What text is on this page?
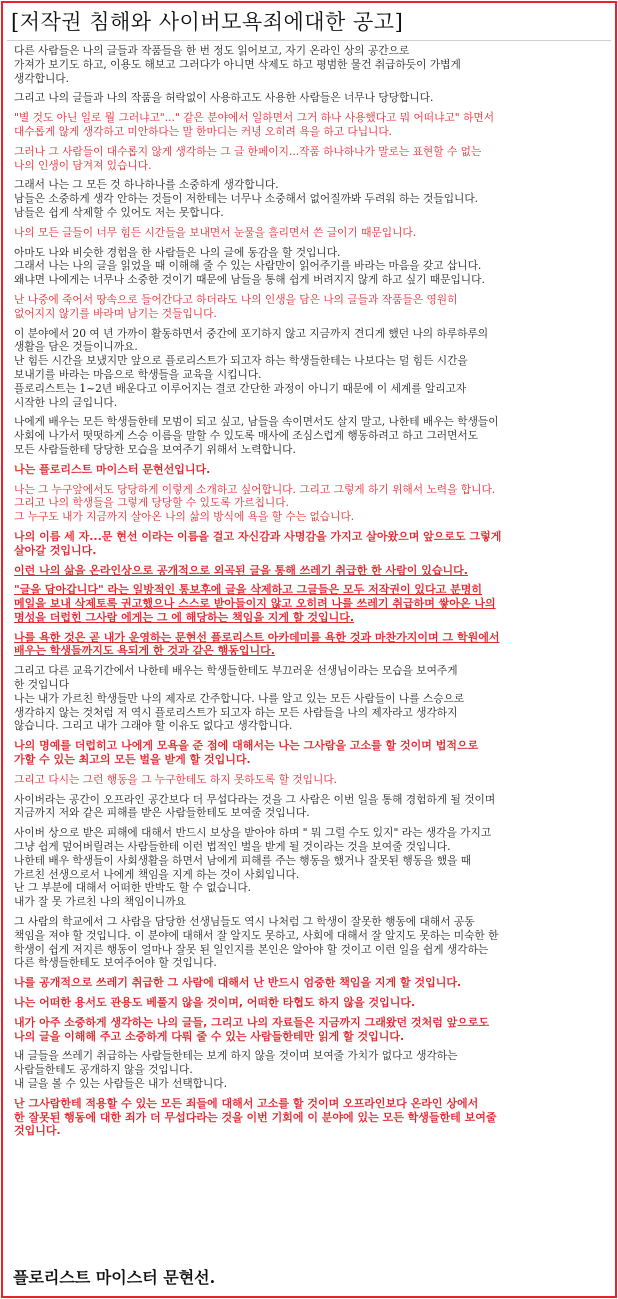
[저작권 침해와 사이버모욕죄에대한 공고]

다른 사람들은 나의 글들과 작품들을 한 번 정도 읽어보고, 자기 온라인 상의 공간으로
가져가 보기도 하고, 이용도 해보고 그러다가 아니면 삭제도 하고 평범한 물건 취급하듯이 가볍게
생각합니다.

그리고 나의 글들과 나의 작품을 허락없이 사용하고도 사용한 사람들은 너무나 당당합니다.

"별 것도 아닌 일로 뭘 그러냐고"..." 같은 분야에서 일하면서 그거 하나 사용했다고 뭐 어떠냐고" 하면서
대수롭게 않게 생각하고 미안하다는 말 한마디는 커녕 오히려 욕을 하고 다닙니다.

그러나 그 사람들이 대수롭지 않게 생각하는 그 글 한페이지...작품 하나하나가 말로는 표현할 수 없는
나의 인생이 담겨져 있습니다.

그래서 나는 그 모든 것 하나하나를 소중하게 생각합니다.
남들은 소중하게 생각 안하는 것들이 저한테는 너무나 소중해서 없어질까봐 두려워 하는 것들입니다.
남들은 쉽게 삭제할 수 있어도 저는 못합니다.

나의 모든 글들이 너무 힘든 시간들을 보내면서 눈물을 흘리면서 쓴 글이기 때문입니다.

아마도 나와 비슷한 경험을 한 사람들은 나의 글에 동감을 할 것입니다.
그래서 나는 나의 글을 읽었을 때 이해해 줄 수 있는 사람만이 읽어주기를 바라는 마음을 갖고 삽니다.
왜냐면 나에게는 너무나 소중한 것이기 때문에 남들을 통해 쉽게 버려지지 않게 하고 싶기 때문입니다.

난 나중에 죽어서 땅속으로 들어간다고 하더라도 나의 인생을 담은 나의 글들과 작품들은 영원히
없어지지 않기를 바라며 남기는 것들입니다.

이 분야에서 20 여 년 가까이 활동하면서 중간에 포기하지 않고 지금까지 견디게 했던 나의 하루하루의
생활을 담은 것들이니까요.
난 힘든 시간을 보냈지만 앞으로 플로리스트가 되고자 하는 학생들한테는 나보다는 덜 힘든 시간을
보내기를 바라는 마음으로 학생들을 교육을 시킵니다.
플로리스트는 1~2년 배운다고 이루어지는 결코 간단한 과정이 아니기 때문에 이 세계를 알리고자
시작한 나의 글입니다.

나에게 배우는 모든 학생들한테 모범이 되고 싶고, 남들을 속이면서도 살지 말고, 나한테 배우는 학생들이
사회에 나가서 떳떳하게 스승 이름을 말할 수 있도록 매사에 조심스럽게 행동하려고 하고 그러면서도
모든 사람들한테 당당한 모습을 보여주기 위해서 노력합니다.

나는 플로리스트 마이스터 문현선입니다.

나는 그 누구앞에서도 당당하게 이렇게 소개하고 싶어합니다. 그리고 그렇게 하기 위해서 노력을 합니다.
그리고 나의 학생들을 그렇게 당당할 수 있도록 가르칩니다.
그 누구도 내가 지금까지 살아온 나의 삶의 방식에 욕을 할 수는 없습니다.

나의 이름 세 자...문 현선 이라는 이름을 걸고 자신감과 사명감을 가지고 살아왔으며 앞으로도 그렇게
살아갈 것입니다.

이런 나의 삶을 온라인상으로 공개적으로 외곡된 글을 통해 쓰레기 취급한 한 사람이 있습니다.

"글을 담아갑니다" 라는 일방적인 통보후에 글을 삭제하고 그글들은 모두 저작권이 있다고 분명히
메일을 보내 삭제토록 권고했으나 스스로 받아들이지 않고 오히려 나를 쓰레기 취급하며 쌓아온 나의
명성을 더럽힌 그사람 에게는 그 에 해당하는 책임을 지게 할 것입니다.

나를 욕한 것은 곧 내가 운영하는 문현선 플로리스트 아카데미를 욕한 것과 마찬가지이며 그 학원에서
배우는 학생들까지도 욕되게 한 것과 같은 행동입니다.

그리고 다른 교육기간에서 나한테 배우는 학생들한테도 부끄러운 선생님이라는 모습을 보여주게
한 것입니다
나는 내가 가르친 학생들만 나의 제자로 간주합니다. 나를 알고 있는 모든 사람들이 나를 스승으로
생각하지 않는 것처럼 저 역시 플로리스트가 되고자 하는 모든 사람들을 나의 제자라고 생각하지
않습니다. 그리고 내가 그래야 할 이유도 없다고 생각합니다.

나의 명예를 더럽히고 나에게 모욕을 준 점에 대해서는 나는 그사람을 고소를 할 것이며 법적으로
가할 수 있는 최고의 모든 벌을 받게 할 것입니다.

그리고 다시는 그런 행동을 그 누구한테도 하지 못하도록 할 것입니다.

사이버라는 공간이 오프라인 공간보다 더 무섭다라는 것을 그 사람은 이번 일을 통해 경험하게 될 것이며
지금까지 저와 같은 피해를 받은 사람들한테도 보여줄 것입니다.

사이버 상으로 받은 피해에 대해서 반드시 보상을 받아야 하며 " 뭐 그럴 수도 있지" 라는 생각을 가지고
그냥 쉽게 덮어버릴려는 사람들한테 이런 법적인 벌을 받게 될 것이라는 것을 보여줄 것입니다.
나한테 배우 학생들이 사회생활을 하면서 남에게 피해를 주는 행동을 했거나 잘못된 행동을 했을 때
가르친 선생으로서 나에게 책임을 지게 하는 것이 사회입니다.
난 그 부분에 대해서 어떠한 반박도 할 수 없습니다.
내가 잘 못 가르친 나의 책임이니까요

그 사람의 학교에서 그 사람을 담당한 선생님들도 역시 나처럼 그 학생이 잘못한 행동에 대해서 공동
책임을 져야 할 것입니다. 이 분야에 대해서 잘 알지도 못하고, 사회에 대해서 잘 알지도 못하는 미숙한 한
학생이 쉽게 저지른 행동이 얼마나 잘못 된 일인지를 본인은 알아야 할 것이고 이런 일을 쉽게 생각하는
다른 학생들한테도 보여주어야 할 것입니다.

나를 공개적으로 쓰레기 취급한 그 사람에 대해서 난 반드시 엄중한 책임을 지게 할 것입니다.

나는 어떠한 용서도 관용도 베풀지 않을 것이며, 어떠한 타협도 하지 않을 것입니다.

내가 아주 소중하게 생각하는 나의 글들, 그리고 나의 자료들은 지금까지 그래왔던 것처럼 앞으로도
나의 글을 이해해 주고 소중하게 다뤄 줄 수 있는 사람들한테만 읽게 할 것입니다.

내 글들을 쓰레기 취급하는 사람들한테는 보게 하지 않을 것이며 보여줄 가치가 없다고 생각하는
사람들한테도 공개하지 않을 것입니다.
내 글을 볼 수 있는 사람들은 내가 선택합니다.

난 그사람한테 적용할 수 있는 모든 죄들에 대해서 고소를 할 것이며 오프라인보다 온라인 상에서
한 잘못된 행동에 대한 죄가 더 무섭다라는 것을 이번 기회에 이 분야에 있는 모든 학생들한테 보여줄
것입니다.

플로리스트 마이스터 문현선.
